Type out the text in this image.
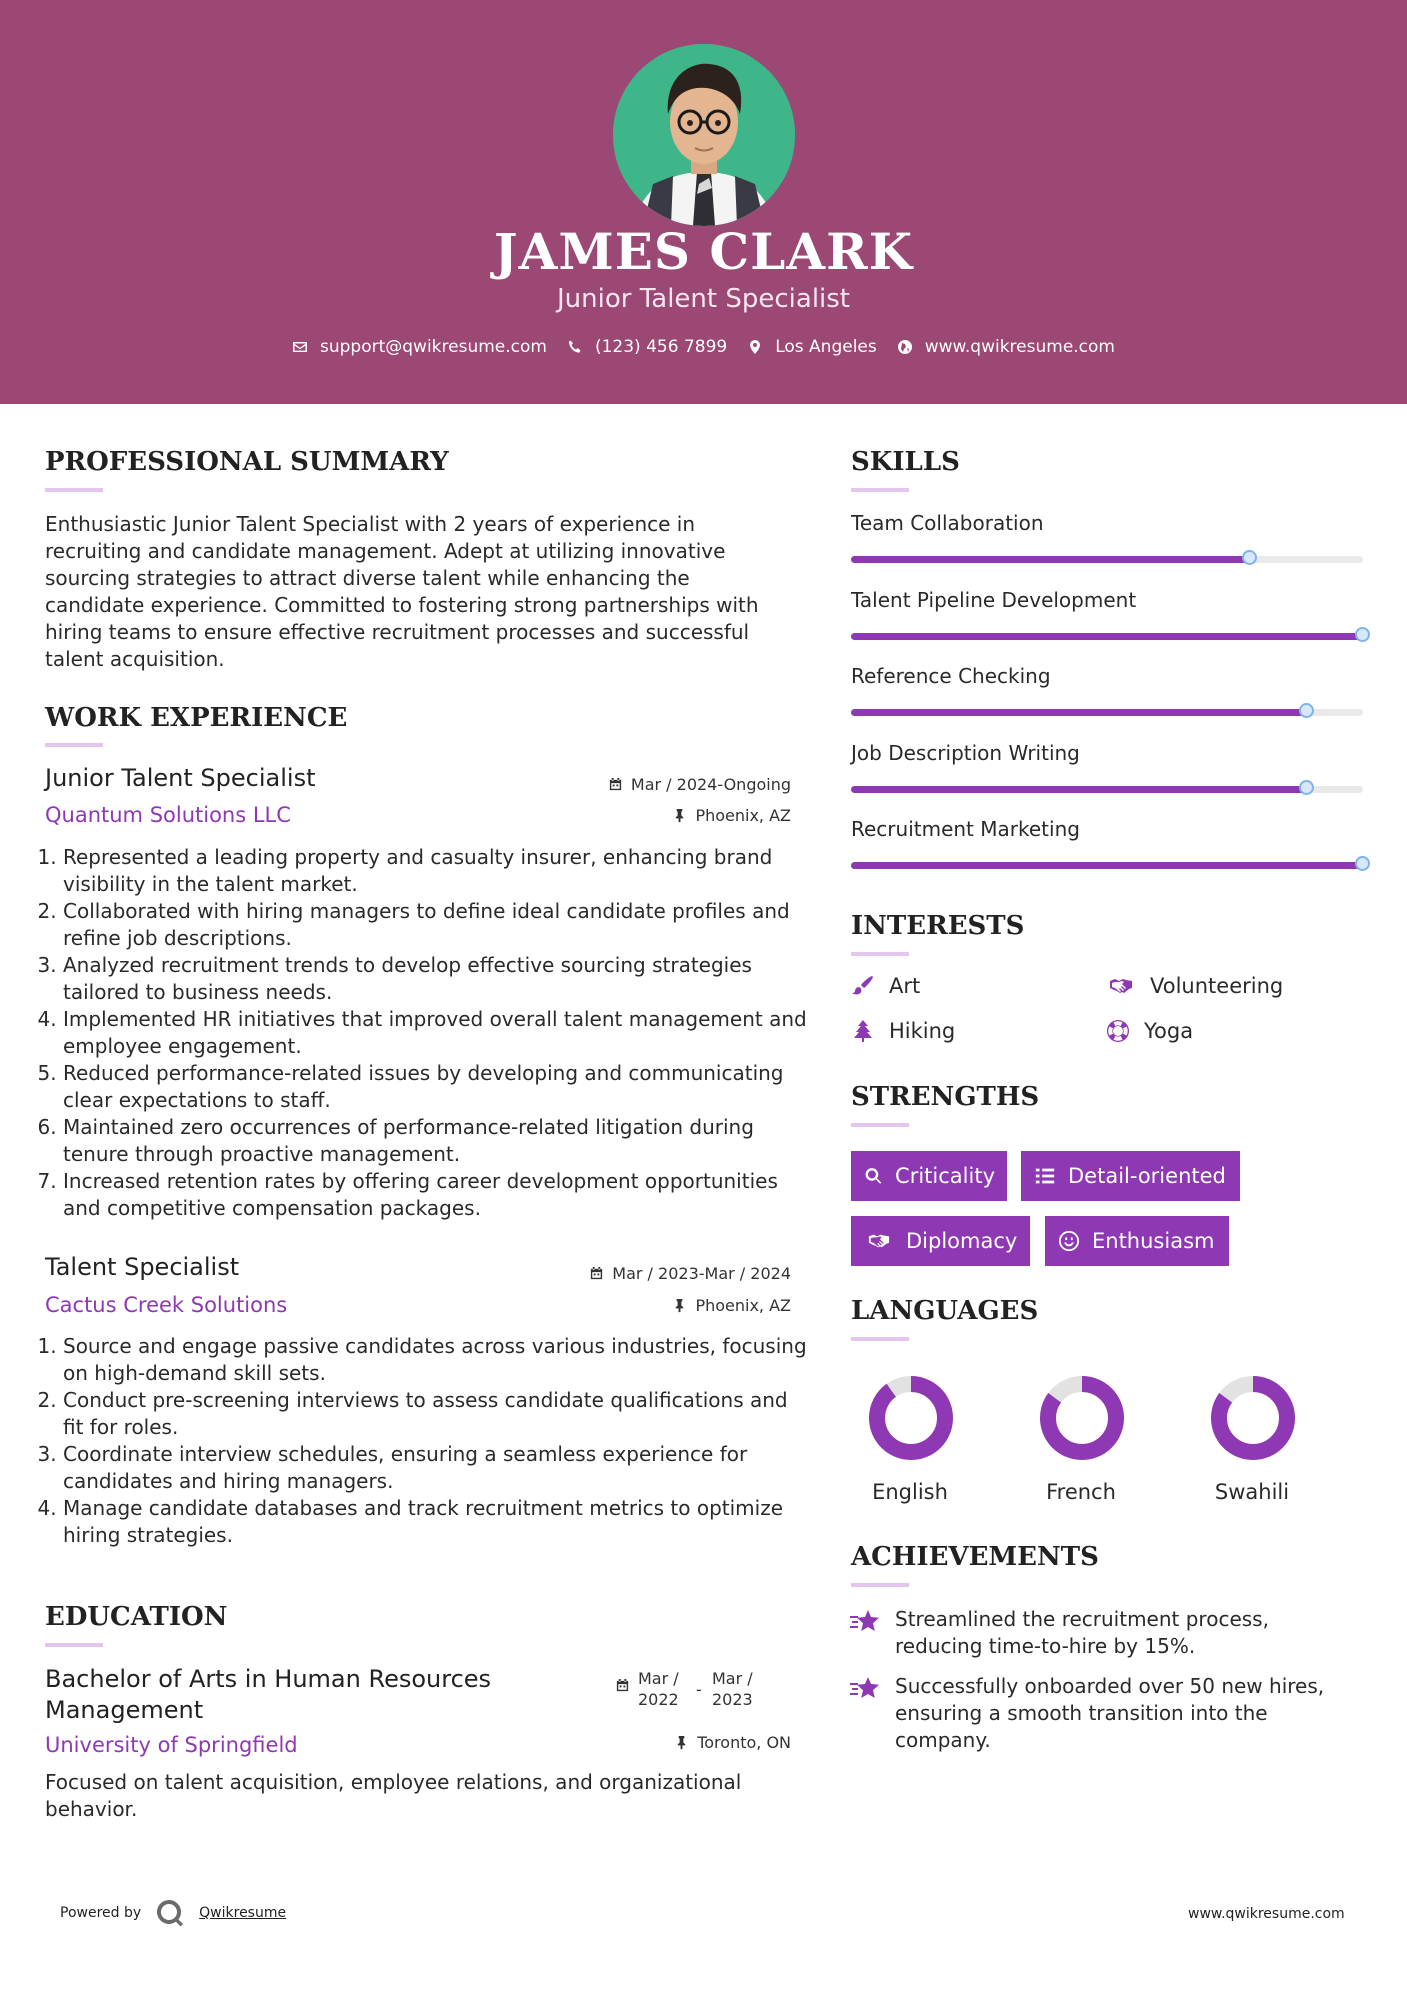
JAMES CLARK
Junior Talent Specialist
support@qwikresume.com	(123) 456 7899	Los Angeles	www.qwikresume.com
PROFESSIONAL SUMMARY
Enthusiastic Junior Talent Specialist with 2 years of experience in recruiting and candidate management. Adept at utilizing innovative sourcing strategies to attract diverse talent while enhancing the candidate experience. Committed to fostering strong partnerships with hiring teams to ensure effective recruitment processes and successful talent acquisition.
WORK EXPERIENCE
Junior Talent Specialist	Mar / 2024-Ongoing
Quantum Solutions LLC	Phoenix, AZ
1. Represented a leading property and casualty insurer, enhancing brand visibility in the talent market.
2. Collaborated with hiring managers to define ideal candidate profiles and refine job descriptions.
3. Analyzed recruitment trends to develop effective sourcing strategies tailored to business needs.
4. Implemented HR initiatives that improved overall talent management and employee engagement.
5. Reduced performance-related issues by developing and communicating clear expectations to staff.
6. Maintained zero occurrences of performance-related litigation during tenure through proactive management.
7. Increased retention rates by offering career development opportunities and competitive compensation packages.
Talent Specialist	Mar / 2023-Mar / 2024
Cactus Creek Solutions	Phoenix, AZ
1. Source and engage passive candidates across various industries, focusing on high-demand skill sets.
2. Conduct pre-screening interviews to assess candidate qualifications and fit for roles.
3. Coordinate interview schedules, ensuring a seamless experience for candidates and hiring managers.
4. Manage candidate databases and track recruitment metrics to optimize hiring strategies.
EDUCATION
Bachelor of Arts in Human Resources Management
Mar /
2022
-
Mar /
2023
University of Springfield	Toronto, ON
Focused on talent acquisition, employee relations, and organizational behavior.
SKILLS
Team Collaboration
Talent Pipeline Development
Reference Checking
Job Description Writing
Recruitment Marketing
INTERESTS
Art	Volunteering
Hiking	Yoga
STRENGTHS
Criticality	Detail-oriented
Diplomacy	Enthusiasm
LANGUAGES
English	French	Swahili
ACHIEVEMENTS
Streamlined the recruitment process, reducing time-to-hire by 15%.
Successfully onboarded over 50 new hires, ensuring a smooth transition into the company.
Powered by	Qwikresume	www.qwikresume.com
